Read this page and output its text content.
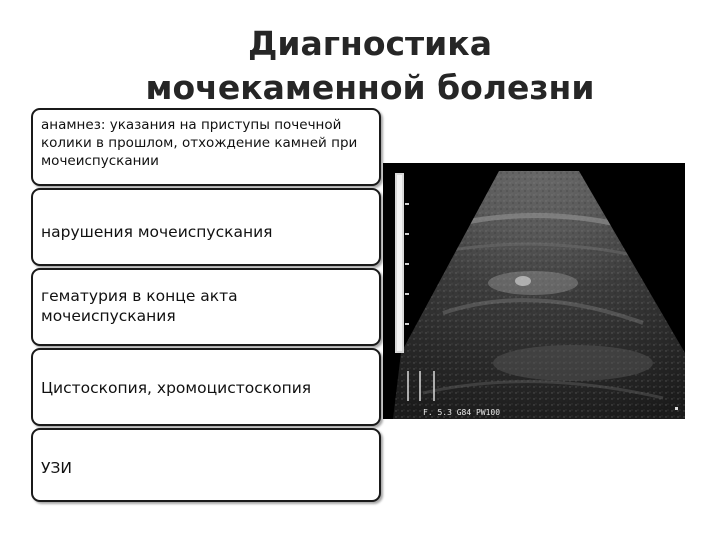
Диагностика мочекаменной болезни
анамнез: указания на приступы почечной колики в прошлом, отхождение камней при мочеиспускании
нарушения мочеиспускания
гематурия в конце акта мочеиспускания
Цистоскопия, хромоцистоскопия
УЗИ
F. 5.3 G84 PW100
